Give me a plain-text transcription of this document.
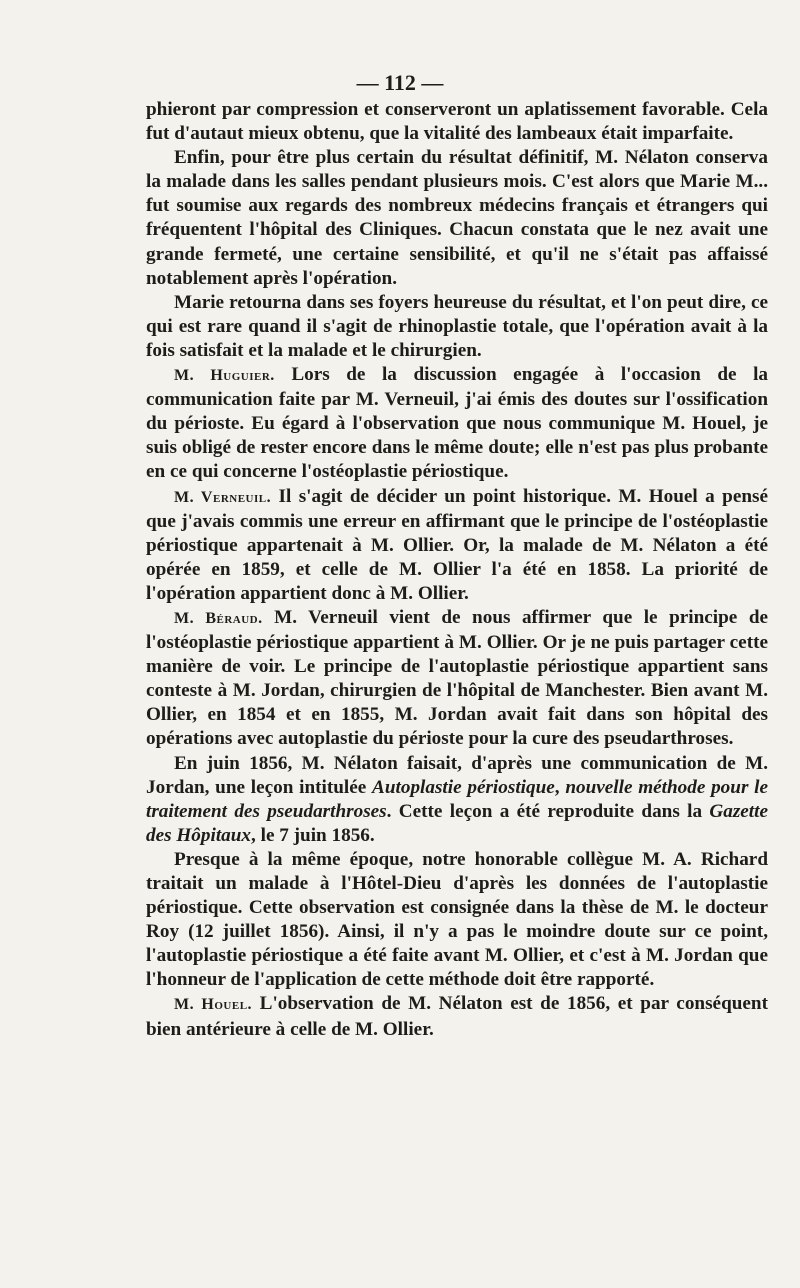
— 112 —

phieront par compression et conserveront un aplatissement favorable. Cela fut d'autaut mieux obtenu, que la vitalité des lambeaux était imparfaite.

Enfin, pour être plus certain du résultat définitif, M. Nélaton conserva la malade dans les salles pendant plusieurs mois. C'est alors que Marie M... fut soumise aux regards des nombreux médecins français et étrangers qui fréquentent l'hôpital des Cliniques. Chacun constata que le nez avait une grande fermeté, une certaine sensibilité, et qu'il ne s'était pas affaissé notablement après l'opération.

Marie retourna dans ses foyers heureuse du résultat, et l'on peut dire, ce qui est rare quand il s'agit de rhinoplastie totale, que l'opération avait à la fois satisfait et la malade et le chirurgien.

M. Huguier. Lors de la discussion engagée à l'occasion de la communication faite par M. Verneuil, j'ai émis des doutes sur l'ossification du périoste. Eu égard à l'observation que nous communique M. Houel, je suis obligé de rester encore dans le même doute; elle n'est pas plus probante en ce qui concerne l'ostéoplastie périostique.

M. Verneuil. Il s'agit de décider un point historique. M. Houel a pensé que j'avais commis une erreur en affirmant que le principe de l'ostéoplastie périostique appartenait à M. Ollier. Or, la malade de M. Nélaton a été opérée en 1859, et celle de M. Ollier l'a été en 1858. La priorité de l'opération appartient donc à M. Ollier.

M. Béraud. M. Verneuil vient de nous affirmer que le principe de l'ostéoplastie périostique appartient à M. Ollier. Or je ne puis partager cette manière de voir. Le principe de l'autoplastie périostique appartient sans conteste à M. Jordan, chirurgien de l'hôpital de Manchester. Bien avant M. Ollier, en 1854 et en 1855, M. Jordan avait fait dans son hôpital des opérations avec autoplastie du périoste pour la cure des pseudarthroses.

En juin 1856, M. Nélaton faisait, d'après une communication de M. Jordan, une leçon intitulée Autoplastie périostique, nouvelle méthode pour le traitement des pseudarthroses. Cette leçon a été reproduite dans la Gazette des Hôpitaux, le 7 juin 1856.

Presque à la même époque, notre honorable collègue M. A. Richard traitait un malade à l'Hôtel-Dieu d'après les données de l'autoplastie périostique. Cette observation est consignée dans la thèse de M. le docteur Roy (12 juillet 1856). Ainsi, il n'y a pas le moindre doute sur ce point, l'autoplastie périostique a été faite avant M. Ollier, et c'est à M. Jordan que l'honneur de l'application de cette méthode doit être rapporté.

M. Houel. L'observation de M. Nélaton est de 1856, et par conséquent bien antérieure à celle de M. Ollier.
